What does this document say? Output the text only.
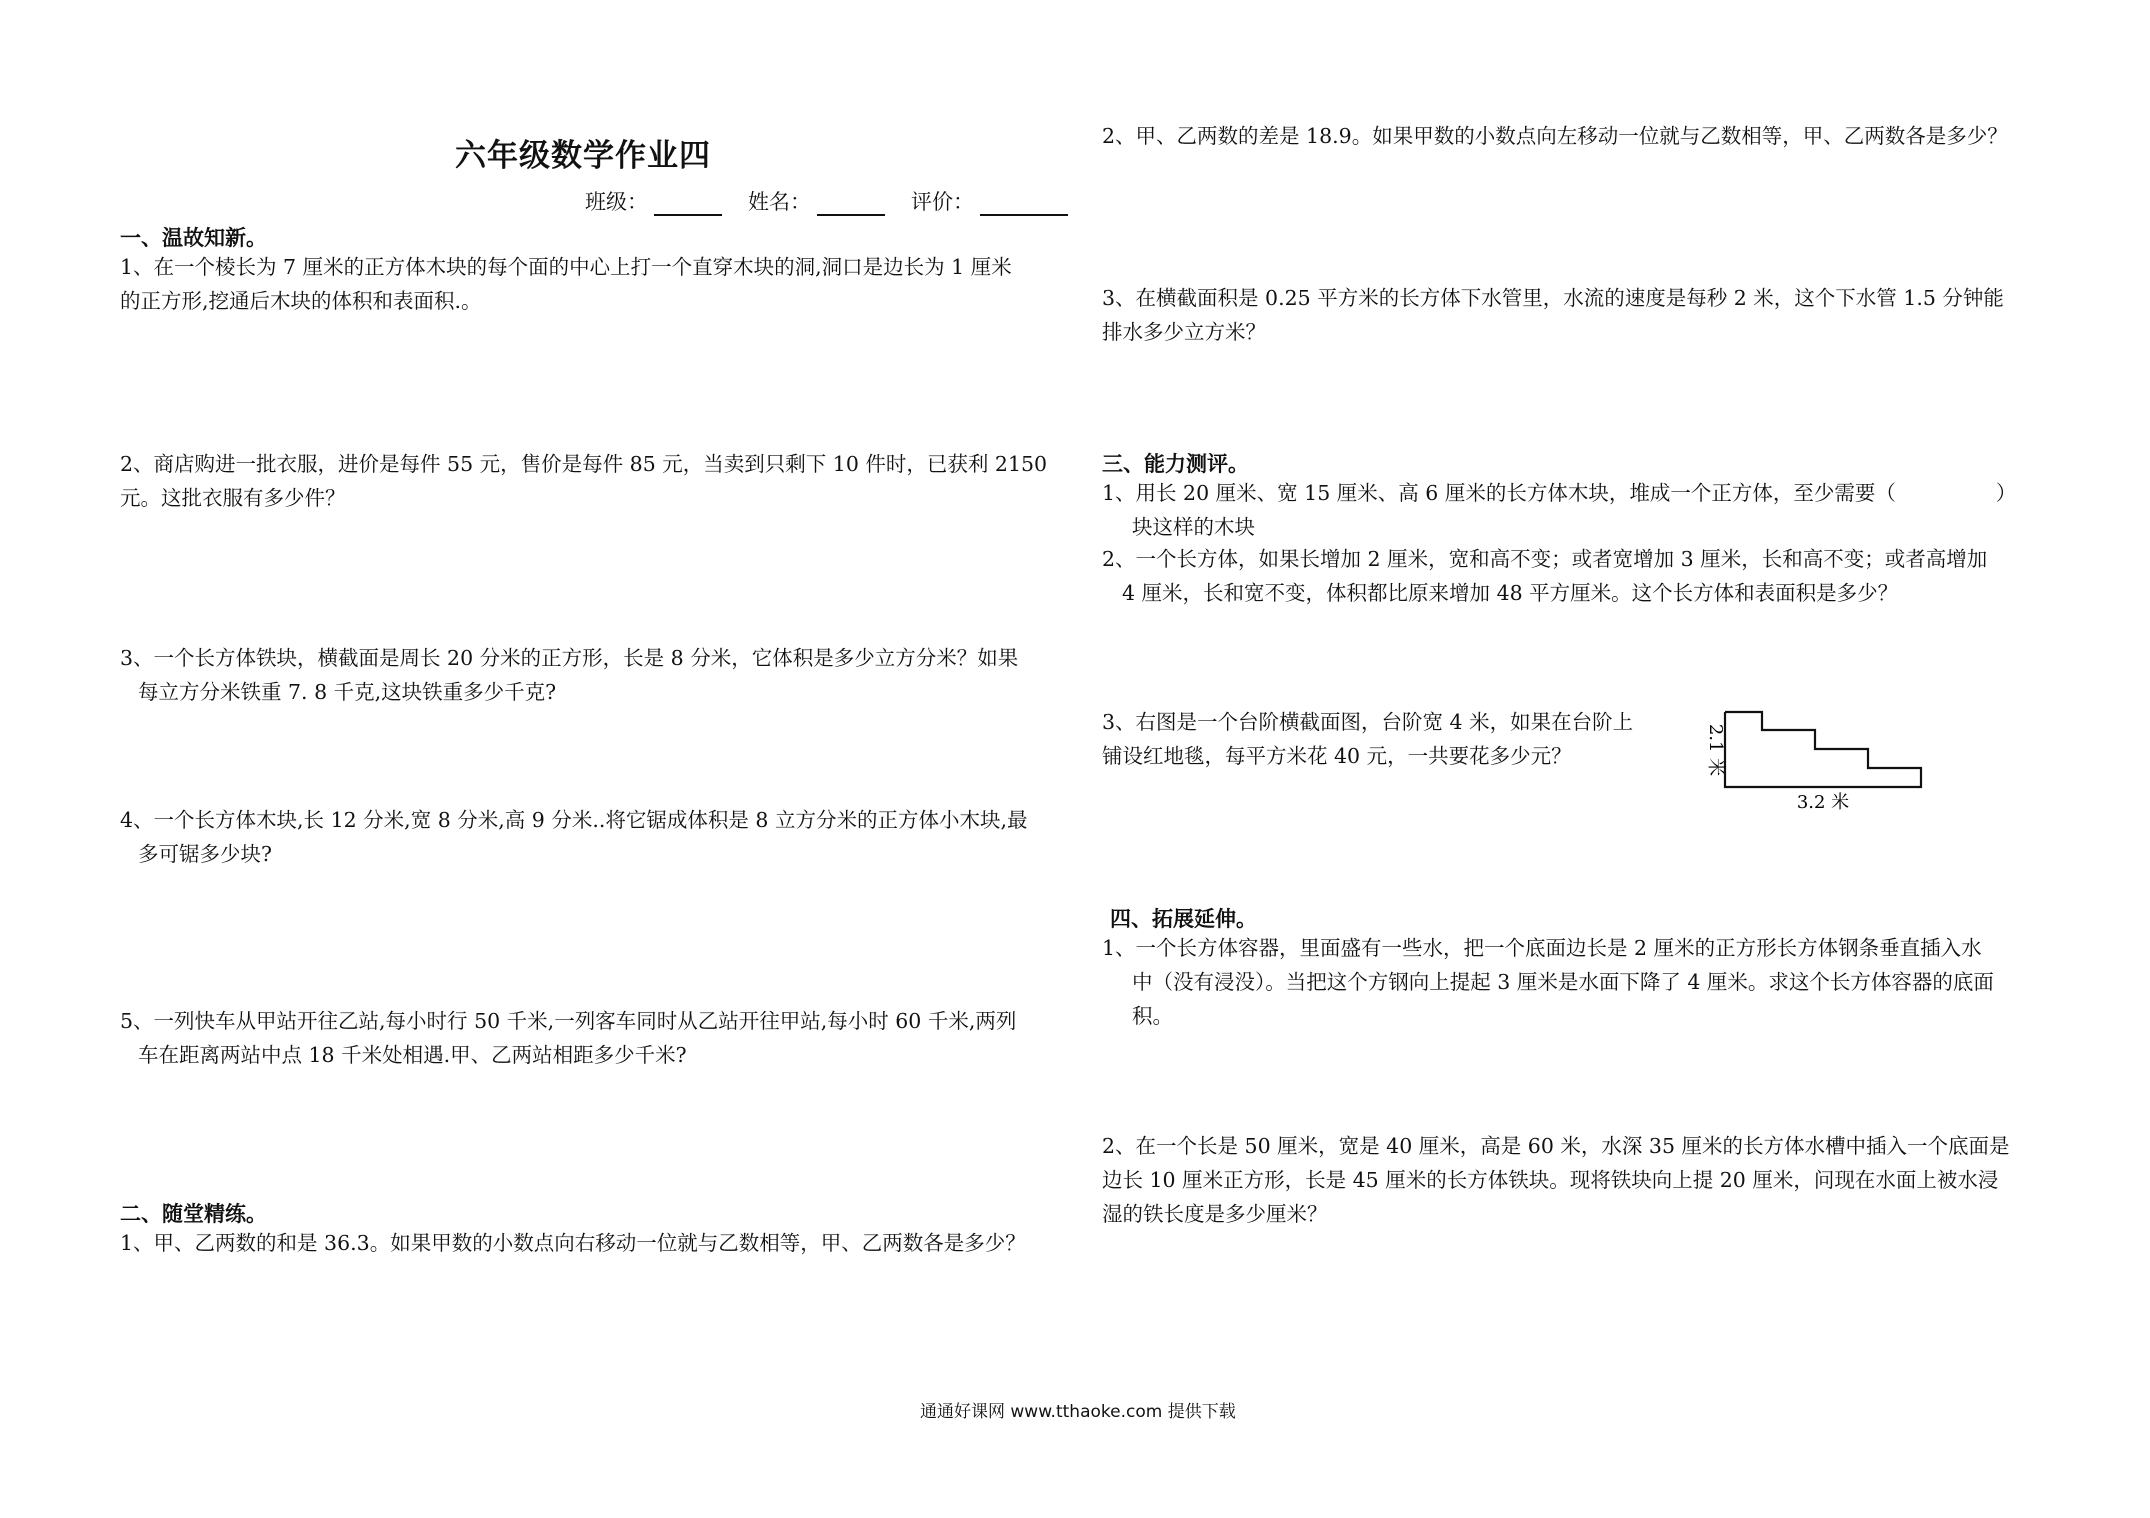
六年级数学作业四
班级：	姓名：	评价：
一、温故知新。

1、在一个棱长为 7 厘米的正方体木块的每个面的中心上打一个直穿木块的洞,洞口是边长为 1 厘米

的正方形,挖通后木块的体积和表面积.。

2、商店购进一批衣服，进价是每件 55 元，售价是每件 85 元，当卖到只剩下 10 件时，已获利 2150

元。这批衣服有多少件？

3、一个长方体铁块，横截面是周长 20 分米的正方形，长是 8 分米，它体积是多少立方分米？如果

每立方分米铁重 7. 8 千克,这块铁重多少千克?

4、一个长方体木块,长 12 分米,宽 8 分米,高 9 分米..将它锯成体积是 8 立方分米的正方体小木块,最

多可锯多少块?

5、一列快车从甲站开往乙站,每小时行 50 千米,一列客车同时从乙站开往甲站,每小时 60 千米,两列

车在距离两站中点 18 千米处相遇.甲、乙两站相距多少千米?

二、随堂精练。

1、甲、乙两数的和是 36.3。如果甲数的小数点向右移动一位就与乙数相等，甲、乙两数各是多少？

2、甲、乙两数的差是 18.9。如果甲数的小数点向左移动一位就与乙数相等，甲、乙两数各是多少？

3、在横截面积是 0.25 平方米的长方体下水管里，水流的速度是每秒 2 米，这个下水管 1.5 分钟能

排水多少立方米？

三、能力测评。

1、用长 20 厘米、宽 15 厘米、高 6 厘米的长方体木块，堆成一个正方体，至少需要（	）

块这样的木块

2、一个长方体，如果长增加 2 厘米，宽和高不变；或者宽增加 3 厘米，长和高不变；或者高增加

4 厘米，长和宽不变，体积都比原来增加 48 平方厘米。这个长方体和表面积是多少？

3、右图是一个台阶横截面图，台阶宽 4 米，如果在台阶上

铺设红地毯，每平方米花 40 元，一共要花多少元？	2.1 米
3.2 米
四、拓展延伸。

1、一个长方体容器，里面盛有一些水，把一个底面边长是 2 厘米的正方形长方体钢条垂直插入水

中（没有浸没）。当把这个方钢向上提起 3 厘米是水面下降了 4 厘米。求这个长方体容器的底面

积。

2、在一个长是 50 厘米，宽是 40 厘米，高是 60 米，水深 35 厘米的长方体水槽中插入一个底面是

边长 10 厘米正方形，长是 45 厘米的长方体铁块。现将铁块向上提 20 厘米，问现在水面上被水浸

湿的铁长度是多少厘米？

通通好课网 www.tthaoke.com 提供下载
